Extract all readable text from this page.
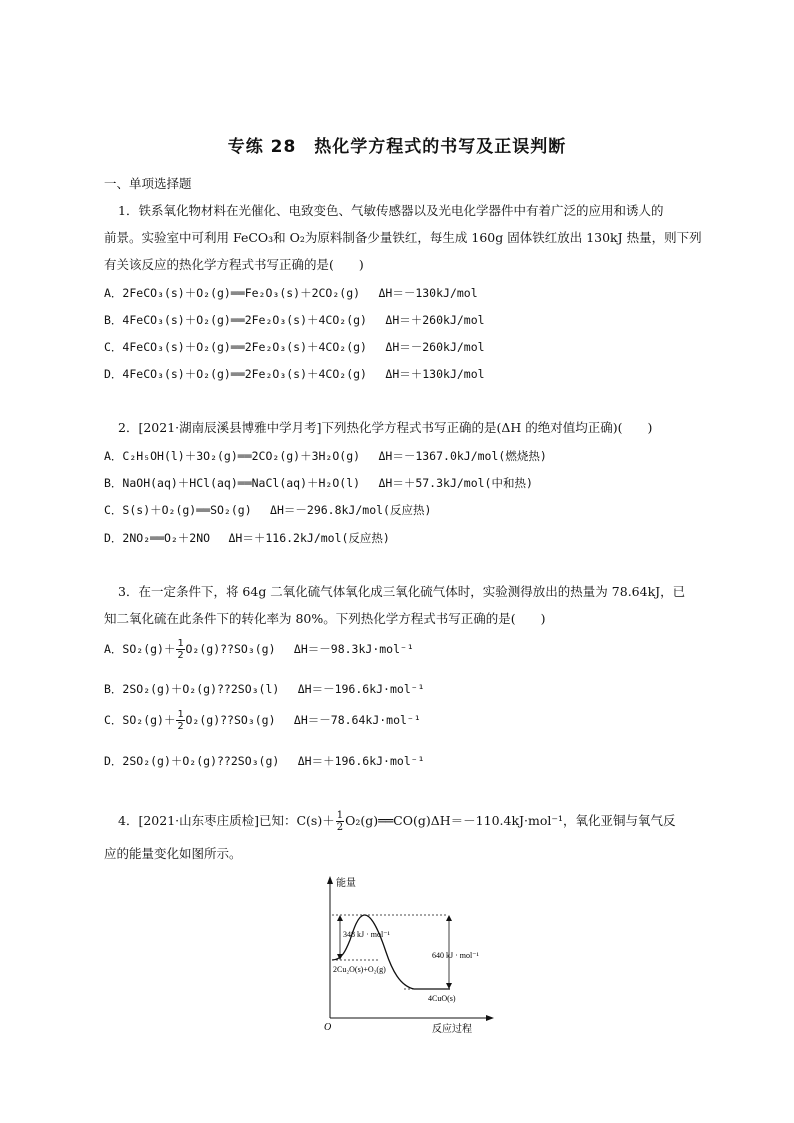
专练 28　热化学方程式的书写及正误判断
一、单项选择题
1．铁系氧化物材料在光催化、电致变色、气敏传感器以及光电化学器件中有着广泛的应用和诱人的
前景。实验室中可利用 FeCO₃和 O₂为原料制备少量铁红，每生成 160g 固体铁红放出 130kJ 热量，则下列
有关该反应的热化学方程式书写正确的是(　　)
A．2FeCO₃(s)＋O₂(g)══Fe₂O₃(s)＋2CO₂(g)　 ΔH＝－130kJ/mol
B．4FeCO₃(s)＋O₂(g)══2Fe₂O₃(s)＋4CO₂(g)　 ΔH＝＋260kJ/mol
C．4FeCO₃(s)＋O₂(g)══2Fe₂O₃(s)＋4CO₂(g)　 ΔH＝－260kJ/mol
D．4FeCO₃(s)＋O₂(g)══2Fe₂O₃(s)＋4CO₂(g)　 ΔH＝＋130kJ/mol
2．[2021·湖南辰溪县博雅中学月考]下列热化学方程式书写正确的是(ΔH 的绝对值均正确)(　　)
A．C₂H₅OH(l)＋3O₂(g)══2CO₂(g)＋3H₂O(g)　 ΔH＝－1367.0kJ/mol(燃烧热)
B．NaOH(aq)＋HCl(aq)══NaCl(aq)＋H₂O(l)　 ΔH＝＋57.3kJ/mol(中和热)
C．S(s)＋O₂(g)══SO₂(g)　 ΔH＝－296.8kJ/mol(反应热)
D．2NO₂══O₂＋2NO　 ΔH＝＋116.2kJ/mol(反应热)
3．在一定条件下，将 64g 二氧化硫气体氧化成三氧化硫气体时，实验测得放出的热量为 78.64kJ，已
知二氧化硫在此条件下的转化率为 80%。下列热化学方程式书写正确的是(　　)
A．$SO_2(g)+ \frac{1}{2}$ O₂(g)??SO₃(g)　 ΔH＝－98.3kJ·mol⁻¹
B．2SO₂(g)＋O₂(g)??2SO₃(l)　 ΔH＝－196.6kJ·mol⁻¹
C．$SO_2(g)+ \frac{1}{2}$ O₂(g)??SO₃(g)　 ΔH＝－78.64kJ·mol⁻¹
D．2SO₂(g)＋O₂(g)??2SO₃(g)　 ΔH＝＋196.6kJ·mol⁻¹
4．[2021·山东枣庄质检]已知：$C(s)+ \frac{1}{2}$ O₂(g)══CO(g)ΔH＝－110.4kJ·mol⁻¹，氧化亚铜与氧气反
应的能量变化如图所示。
能量
反应过程
O
348 kJ · mol⁻¹
640 kJ · mol⁻¹
2Cu₂O(s)+O₂(g)
4CuO(s)
